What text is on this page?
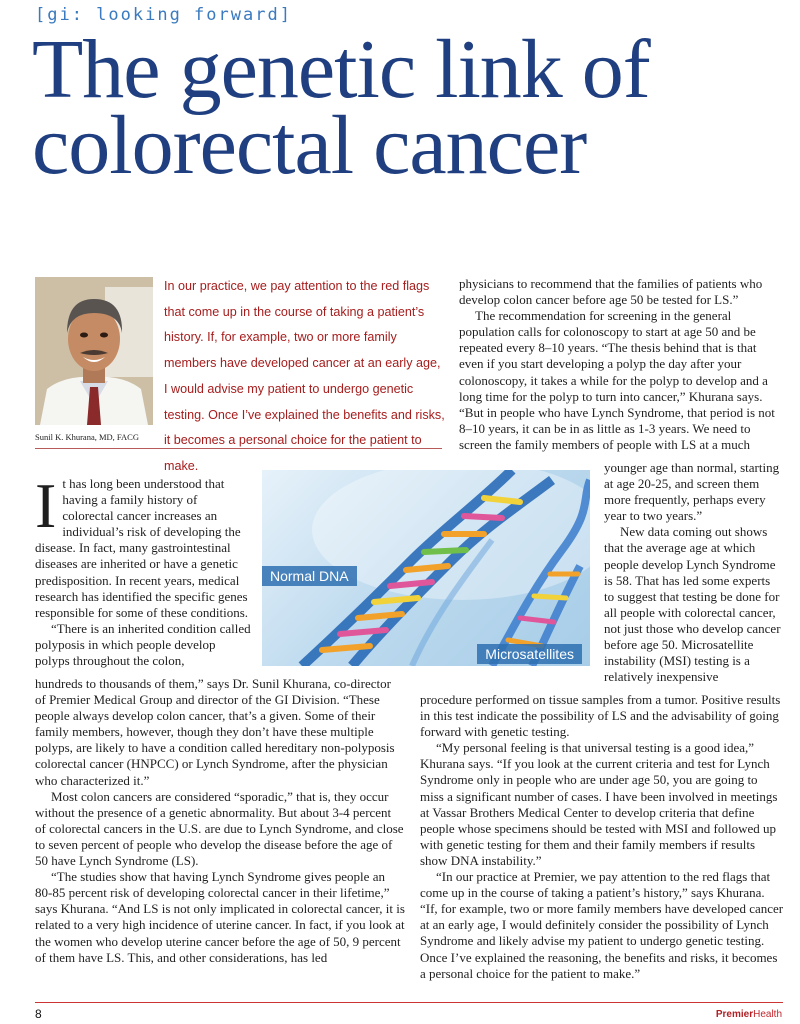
[gi: looking forward]
The genetic link of colorectal cancer
Sunil K. Khurana, MD, FACG

In our practice, we pay attention to the red flags that come up in the course of taking a patient’s history. If, for example, two or more family members have developed cancer at an early age, I would advise my patient to undergo genetic testing. Once I’ve explained the benefits and risks, it becomes a personal choice for the patient to make.

physicians to recommend that the families of patients who develop colon cancer before age 50 be tested for LS.”

The recommendation for screening in the general population calls for colonoscopy to start at age 50 and be repeated every 8–10 years. “The thesis behind that is that even if you start developing a polyp the day after your colonoscopy, it takes a while for the polyp to develop and a long time for the polyp to turn into cancer,” Khurana says. “But in people who have Lynch Syndrome, that period is not 8–10 years, it can be in as little as 1-3 years. We need to screen the family members of people with LS at a much

Normal DNA
Microsatellites

It has long been understood that having a family history of colorectal cancer increases an individual’s risk of developing the disease. In fact, many gastrointestinal diseases are inherited or have a genetic predisposition. In recent years, medical research has identified the specific genes responsible for some of these conditions.

“There is an inherited condition called polyposis in which people develop polyps throughout the colon,

younger age than normal, starting at age 20-25, and screen them more frequently, perhaps every year to two years.”

New data coming out shows that the average age at which people develop Lynch Syndrome is 58. That has led some experts to suggest that testing be done for all people with colorectal cancer, not just those who develop cancer before age 50. Microsatellite instability (MSI) testing is a relatively inexpensive

hundreds to thousands of them,” says Dr. Sunil Khurana, co-director of Premier Medical Group and director of the GI Division. “These people always develop colon cancer, that’s a given. Some of their family members, however, though they don’t have these multiple polyps, are likely to have a condition called hereditary non-polyposis colorectal cancer (HNPCC) or Lynch Syndrome, after the physician who characterized it.”

Most colon cancers are considered “sporadic,” that is, they occur without the presence of a genetic abnormality. But about 3-4 percent of colorectal cancers in the U.S. are due to Lynch Syndrome, and close to seven percent of people who develop the disease before the age of 50 have Lynch Syndrome (LS).

“The studies show that having Lynch Syndrome gives people an 80-85 percent risk of developing colorectal cancer in their lifetime,” says Khurana. “And LS is not only implicated in colorectal cancer, it is related to a very high incidence of uterine cancer. In fact, if you look at the women who develop uterine cancer before the age of 50, 9 percent of them have LS. This, and other considerations, has led

procedure performed on tissue samples from a tumor. Positive results in this test indicate the possibility of LS and the advisability of going forward with genetic testing.

“My personal feeling is that universal testing is a good idea,” Khurana says. “If you look at the current criteria and test for Lynch Syndrome only in people who are under age 50, you are going to miss a significant number of cases. I have been involved in meetings at Vassar Brothers Medical Center to develop criteria that define people whose specimens should be tested with MSI and followed up with genetic testing for them and their family members if results show DNA instability.”

“In our practice at Premier, we pay attention to the red flags that come up in the course of taking a patient’s history,” says Khurana. “If, for example, two or more family members have developed cancer at an early age, I would definitely consider the possibility of Lynch Syndrome and likely advise my patient to undergo genetic testing. Once I’ve explained the reasoning, the benefits and risks, it becomes a personal choice for the patient to make.”

8	PremierHealth
